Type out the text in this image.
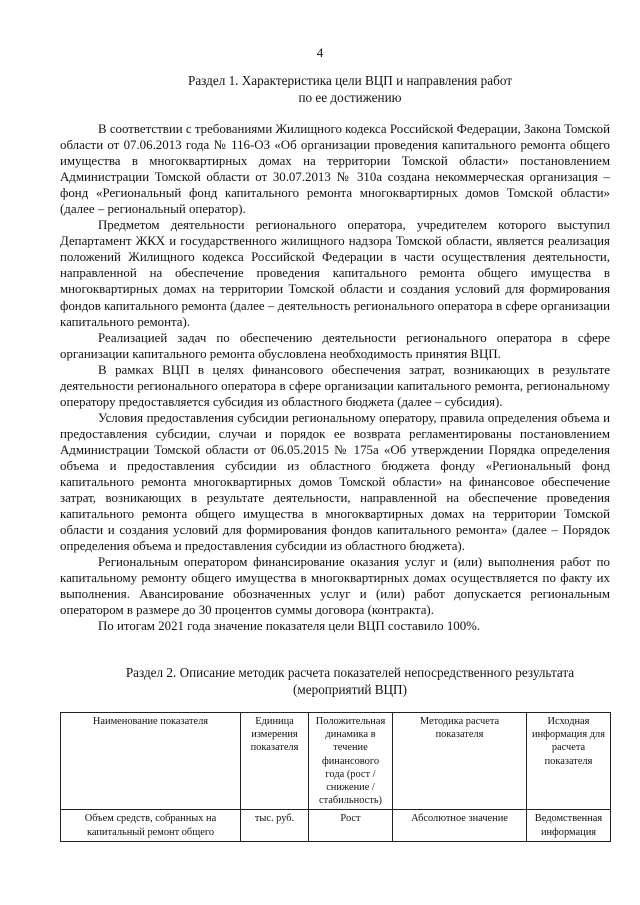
4
Раздел 1. Характеристика цели ВЦП и направления работ
по ее достижению

В соответствии с требованиями Жилищного кодекса Российской Федерации, Закона Томской области от 07.06.2013 года № 116-ОЗ «Об организации проведения капитального ремонта общего имущества в многоквартирных домах на территории Томской области» постановлением Администрации Томской области от 30.07.2013 № 310а создана некоммерческая организация – фонд «Региональный фонд капитального ремонта многоквартирных домов Томской области» (далее – региональный оператор).

Предметом деятельности регионального оператора, учредителем которого выступил Департамент ЖКХ и государственного жилищного надзора Томской области, является реализация положений Жилищного кодекса Российской Федерации в части осуществления деятельности, направленной на обеспечение проведения капитального ремонта общего имущества в многоквартирных домах на территории Томской области и создания условий для формирования фондов капитального ремонта (далее – деятельность регионального оператора в сфере организации капитального ремонта).

Реализацией задач по обеспечению деятельности регионального оператора в сфере организации капитального ремонта обусловлена необходимость принятия ВЦП.

В рамках ВЦП в целях финансового обеспечения затрат, возникающих в результате деятельности регионального оператора в сфере организации капитального ремонта, региональному оператору предоставляется субсидия из областного бюджета (далее – субсидия).

Условия предоставления субсидии региональному оператору, правила определения объема и предоставления субсидии, случаи и порядок ее возврата регламентированы постановлением Администрации Томской области от 06.05.2015 № 175а «Об утверждении Порядка определения объема и предоставления субсидии из областного бюджета фонду «Региональный фонд капитального ремонта многоквартирных домов Томской области» на финансовое обеспечение затрат, возникающих в результате деятельности, направленной на обеспечение проведения капитального ремонта общего имущества в многоквартирных домах на территории Томской области и создания условий для формирования фондов капитального ремонта» (далее – Порядок определения объема и предоставления субсидии из областного бюджета).

Региональным оператором финансирование оказания услуг и (или) выполнения работ по капитальному ремонту общего имущества в многоквартирных домах осуществляется по факту их выполнения. Авансирование обозначенных услуг и (или) работ допускается региональным оператором в размере до 30 процентов суммы договора (контракта).

По итогам 2021 года значение показателя цели ВЦП составило 100%.

Раздел 2. Описание методик расчета показателей непосредственного результата
(мероприятий ВЦП)
Наименование показателя	Единица измерения показателя	Положительная динамика в течение финансового года (рост / снижение / стабильность)	Методика расчета показателя	Исходная информация для расчета показателя
Объем средств, собранных на капитальный ремонт общего	тыс. руб.	Рост	Абсолютное значение	Ведомственная информация
